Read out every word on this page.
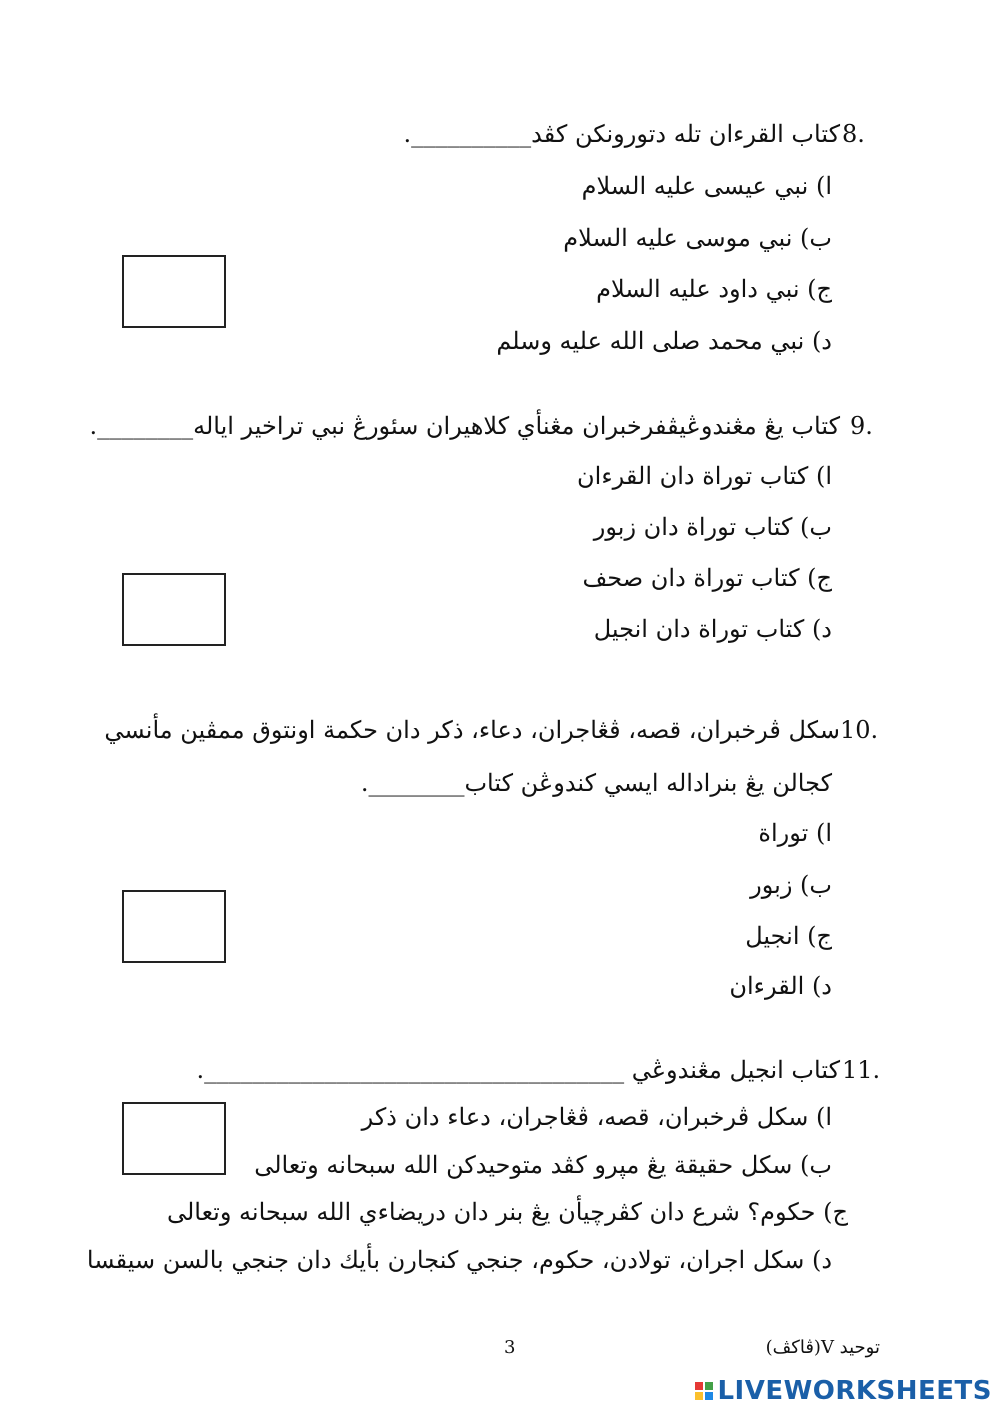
8.
كتاب القرءان تله دتورونكن كڤد__________.
ا) نبي عيسى عليه السلام
ب) نبي موسى عليه السلام
ج) نبي داود عليه السلام
د) نبي محمد صلى الله عليه وسلم
9.
كتاب يڠ مڠندوڠيڤفرخبران مڠنأي كلاهيران سئورڠ نبي تراخير اياله________.
ا) كتاب توراة دان القرءان
ب) كتاب توراة دان زبور
ج) كتاب توراة دان صحف
د) كتاب توراة دان انجيل
10.
سكل ڤرخبران، قصه، ڤڠاجران، دعاء، ذكر دان حكمة اونتوق ممڤين مأنسي
كجالن يڠ بنراداله ايسي كندوڠن كتاب________.
ا) توراة
ب) زبور
ج) انجيل
د) القرءان
11.
كتاب انجيل مڠندوڠي ___________________________________.
ا) سكل ڤرخبران، قصه، ڤڠاجران، دعاء دان ذكر
ب) سكل حقيقة يڠ مپرو كڤد متوحيدكن الله سبحانه وتعالى
ج) حكوم؟ شرع دان كڤرچيأن يڠ بنر دان دريضاءي الله سبحانه وتعالى
د) سكل اجران، تولادن، حكوم، جنجي كنجارن بأيك دان جنجي بالسن سيقسا
توحيد V(ڤاكڤ)
3
LIVEWORKSHEETS
